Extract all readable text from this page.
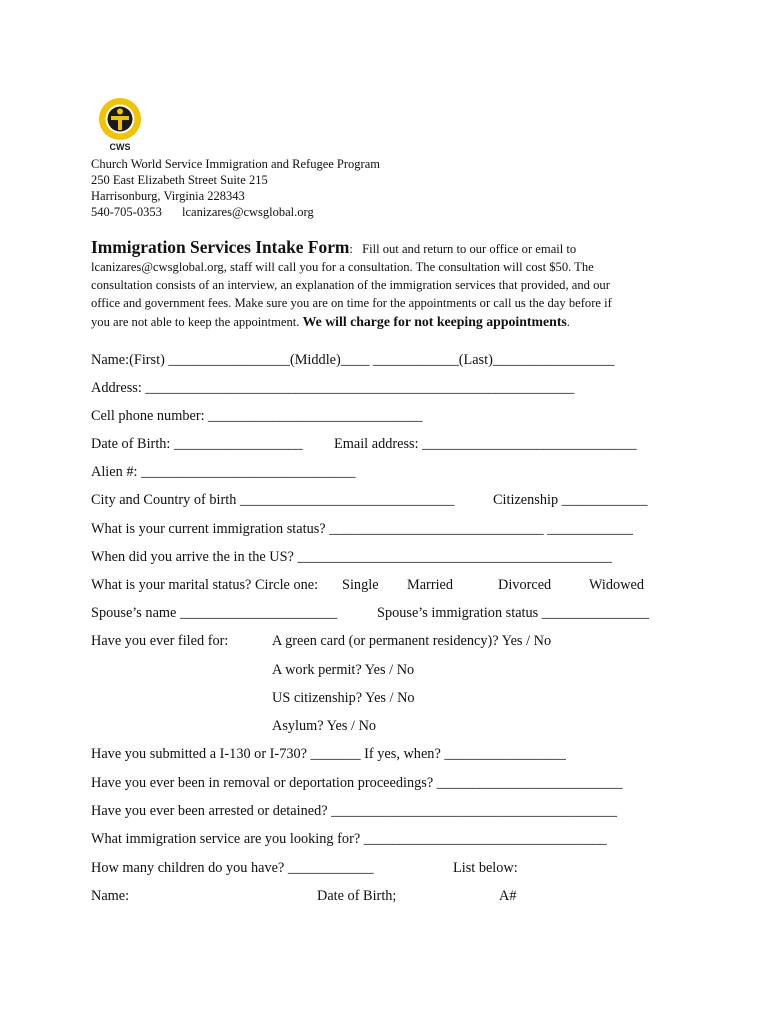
CWS
Church World Service Immigration and Refugee Program
250 East Elizabeth Street Suite 215
Harrisonburg, Virginia 228343
540-705-0353 lcanizares@cwsglobal.org
Immigration Services Intake Form: Fill out and return to our office or email to
lcanizares@cwsglobal.org, staff will call you for a consultation. The consultation will cost $50. The
consultation consists of an interview, an explanation of the immigration services that provided, and our
office and government fees. Make sure you are on time for the appointments or call us the day before if
you are not able to keep the appointment. We will charge for not keeping appointments.
Name:(First) _________________(Middle)____ ____________(Last)_________________
Address: ____________________________________________________________
Cell phone number: ______________________________
Date of Birth: __________________ Email address: ______________________________
Alien #: ______________________________
City and Country of birth ______________________________	Citizenship ____________
What is your current immigration status? ______________________________ ____________
When did you arrive the in the US? ____________________________________________
What is your marital status? Circle one: Single Married	Divorced	Widowed
Spouse’s name ______________________	Spouse’s immigration status _______________
Have you ever filed for:	A green card (or permanent residency)? Yes / No
A work permit? Yes / No
US citizenship? Yes / No
Asylum? Yes / No
Have you submitted a I-130 or I-730? _______ If yes, when? _________________
Have you ever been in removal or deportation proceedings? __________________________
Have you ever been arrested or detained? ________________________________________
What immigration service are you looking for? __________________________________
How many children do you have? ____________	List below:
Name:	Date of Birth;	A#
